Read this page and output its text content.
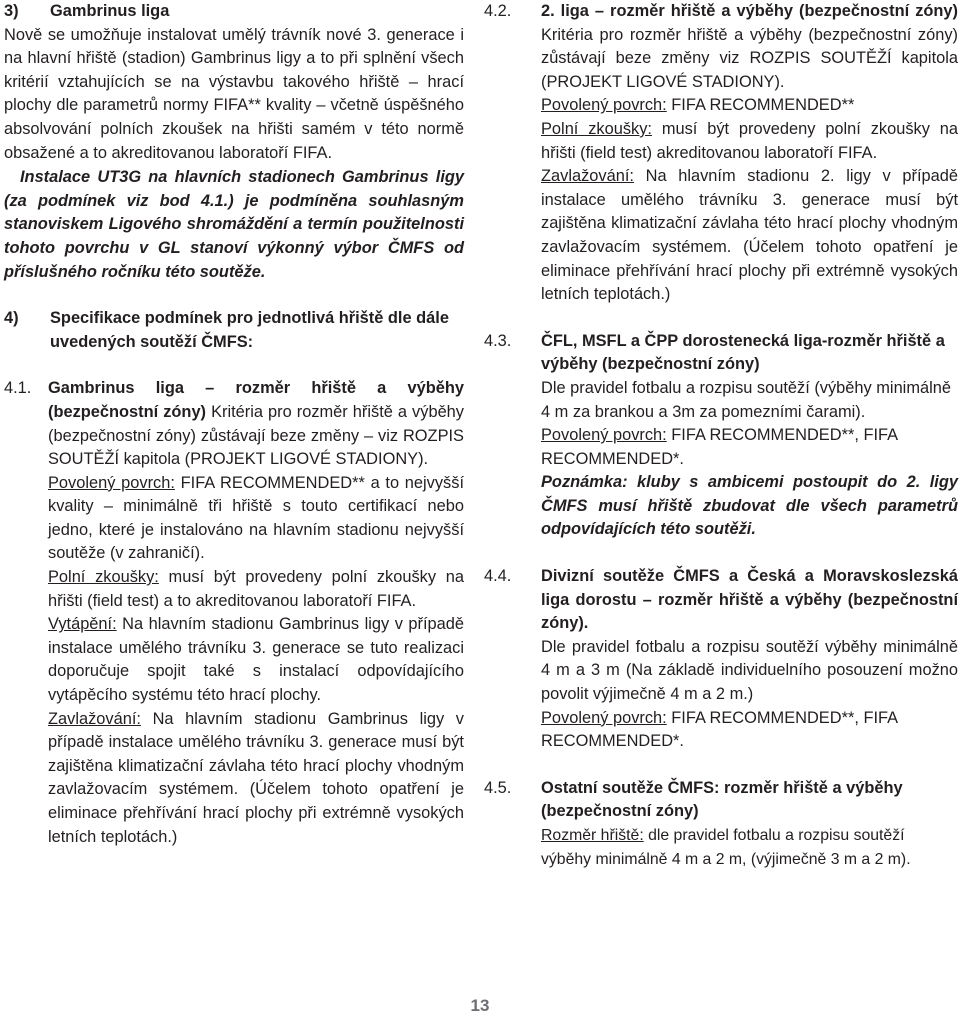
3)	Gambrinus liga

Nově se umožňuje instalovat umělý trávník nové 3. generace i na hlavní hřiště (stadion) Gambrinus ligy a to při splnění všech kritérií vztahujících se na výstavbu takového hřiště – hrací plochy dle parametrů normy FIFA** kvality – včetně úspěšného absolvování polních zkoušek na hřišti samém v této normě obsažené a to akreditovanou laboratoří FIFA.

Instalace UT3G na hlavních stadionech Gambrinus ligy (za podmínek viz bod 4.1.) je podmíněna souhlasným stanoviskem Ligového shromáždění a termín použitelnosti tohoto povrchu v GL stanoví výkonný výbor ČMFS od příslušného ročníku této soutěže.

4)	Specifikace podmínek pro jednotlivá hřiště dle dále uvedených soutěží ČMFS:
4.1.	Gambrinus liga – rozměr hřiště a výběhy (bezpečnostní zóny) Kritéria pro rozměr hřiště a výběhy (bezpečnostní zóny) zůstávají beze změny – viz ROZPIS SOUTĚŽÍ kapitola (PROJEKT LIGOVÉ STADIONY).

Povolený povrch: FIFA RECOMMENDED** a to nejvyšší kvality – minimálně tři hřiště s touto certifikací nebo jedno, které je instalováno na hlavním stadionu nejvyšší soutěže (v zahraničí).

Polní zkoušky: musí být provedeny polní zkoušky na hřišti (field test) a to akreditovanou laboratoří FIFA.

Vytápění: Na hlavním stadionu Gambrinus ligy v případě instalace umělého trávníku 3. generace se tuto realizaci doporučuje spojit také s instalací odpovídajícího vytápěcího systému této hrací plochy.

Zavlažování: Na hlavním stadionu Gambrinus ligy v případě instalace umělého trávníku 3. generace musí být zajištěna klimatizační závlaha této hrací plochy vhodným zavlažovacím systémem. (Účelem tohoto opatření je eliminace přehřívání hrací plochy při extrémně vysokých letních teplotách.)

4.2.	2. liga – rozměr hřiště a výběhy (bezpečnostní zóny) Kritéria pro rozměr hřiště a výběhy (bezpečnostní zóny) zůstávají beze změny viz ROZPIS SOUTĚŽÍ kapitola (PROJEKT LIGOVÉ STADIONY).

Povolený povrch: FIFA RECOMMENDED**

Polní zkoušky: musí být provedeny polní zkoušky na hřišti (field test) akreditovanou laboratoří FIFA.

Zavlažování: Na hlavním stadionu 2. ligy v případě instalace umělého trávníku 3. generace musí být zajištěna klimatizační závlaha této hrací plochy vhodným zavlažovacím systémem. (Účelem tohoto opatření je eliminace přehřívání hrací plochy při extrémně vysokých letních teplotách.)

4.3.	ČFL, MSFL a ČPP dorostenecká liga-rozměr hřiště a výběhy (bezpečnostní zóny)

Dle pravidel fotbalu a rozpisu soutěží (výběhy minimálně 4 m za brankou a 3m za pomezními čarami).

Povolený povrch: FIFA RECOMMENDED**, FIFA RECOMMENDED*.

Poznámka: kluby s ambicemi postoupit do 2. ligy ČMFS musí hřiště zbudovat dle všech parametrů odpovídajících této soutěži.

4.4.	Divizní soutěže ČMFS a Česká a Moravskoslezská liga dorostu – rozměr hřiště a výběhy (bezpečnostní zóny).

Dle pravidel fotbalu a rozpisu soutěží výběhy minimálně 4 m a 3 m (Na základě individuelního posouzení možno povolit výjimečně 4 m a 2 m.)

Povolený povrch: FIFA RECOMMENDED**, FIFA RECOMMENDED*.

4.5.	Ostatní soutěže ČMFS: rozměr hřiště a výběhy (bezpečnostní zóny)

Rozměr hřiště: dle pravidel fotbalu a rozpisu soutěží výběhy minimálně 4 m a 2 m, (výjimečně 3 m a 2 m).

13
